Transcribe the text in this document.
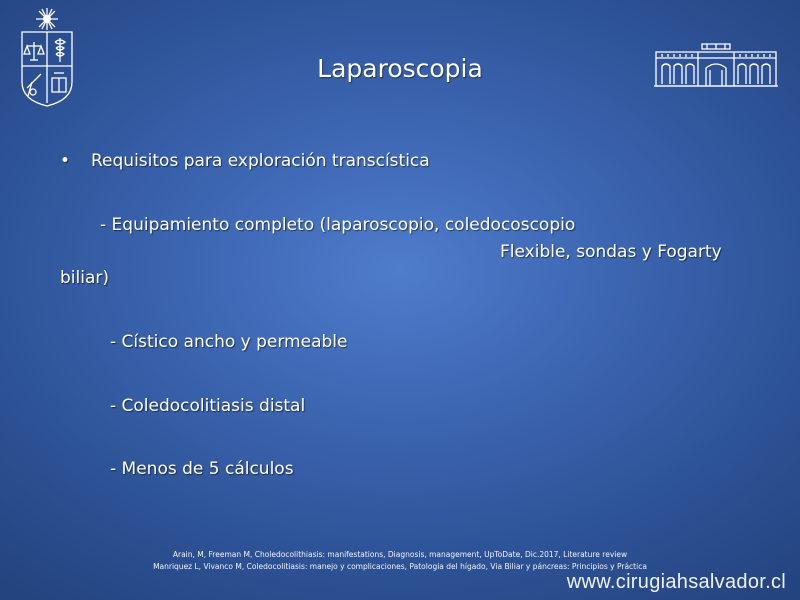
Laparoscopia
• Requisitos para exploración transcística
- Equipamiento completo (laparoscopio, coledocoscopio
Flexible, sondas y Fogarty
biliar)
- Cístico ancho y permeable
- Coledocolitiasis distal
- Menos de 5 cálculos
Arain, M, Freeman M, Choledocolithiasis: manifestations, Diagnosis, management, UpToDate, Dic.2017, Literature review
Manriquez L, Vivanco M, Coledocolitiasis: manejo y complicaciones, Patologia del hígado, Via Biliar y páncreas: Principios y Práctica
www.cirugiahsalvador.cl
